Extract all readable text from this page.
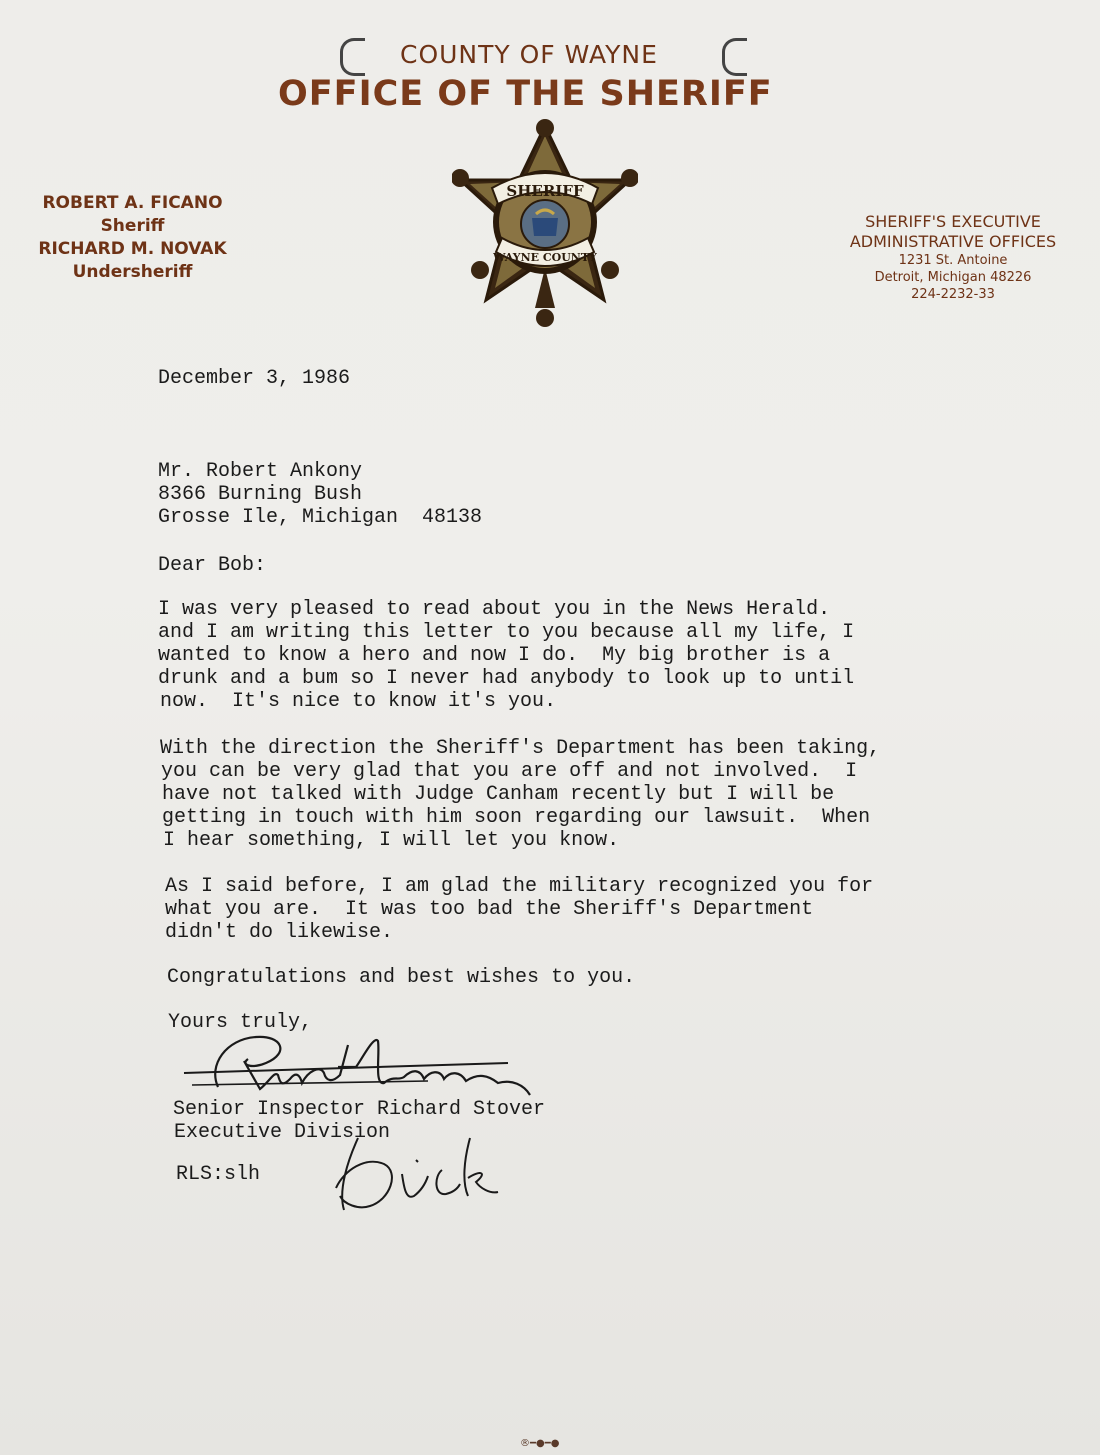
COUNTY OF WAYNE
OFFICE OF THE SHERIFF
ROBERT A. FICANO
Sheriff
RICHARD M. NOVAK
Undersheriff
SHERIFF
WAYNE COUNTY
SHERIFF'S EXECUTIVE
ADMINISTRATIVE OFFICES
1231 St. Antoine
Detroit, Michigan 48226
224-2232-33
December 3, 1986
Mr. Robert Ankony
8366 Burning Bush
Grosse Ile, Michigan  48138
Dear Bob:
I was very pleased to read about you in the News Herald.
and I am writing this letter to you because all my life, I
wanted to know a hero and now I do.  My big brother is a
drunk and a bum so I never had anybody to look up to until
now.  It's nice to know it's you.
With the direction the Sheriff's Department has been taking,
you can be very glad that you are off and not involved.  I
have not talked with Judge Canham recently but I will be
getting in touch with him soon regarding our lawsuit.  When
I hear something, I will let you know.
As I said before, I am glad the military recognized you for
what you are.  It was too bad the Sheriff's Department
didn't do likewise.
Congratulations and best wishes to you.
Yours truly,
Senior Inspector Richard Stover
Executive Division
RLS:slh
®━●━●
